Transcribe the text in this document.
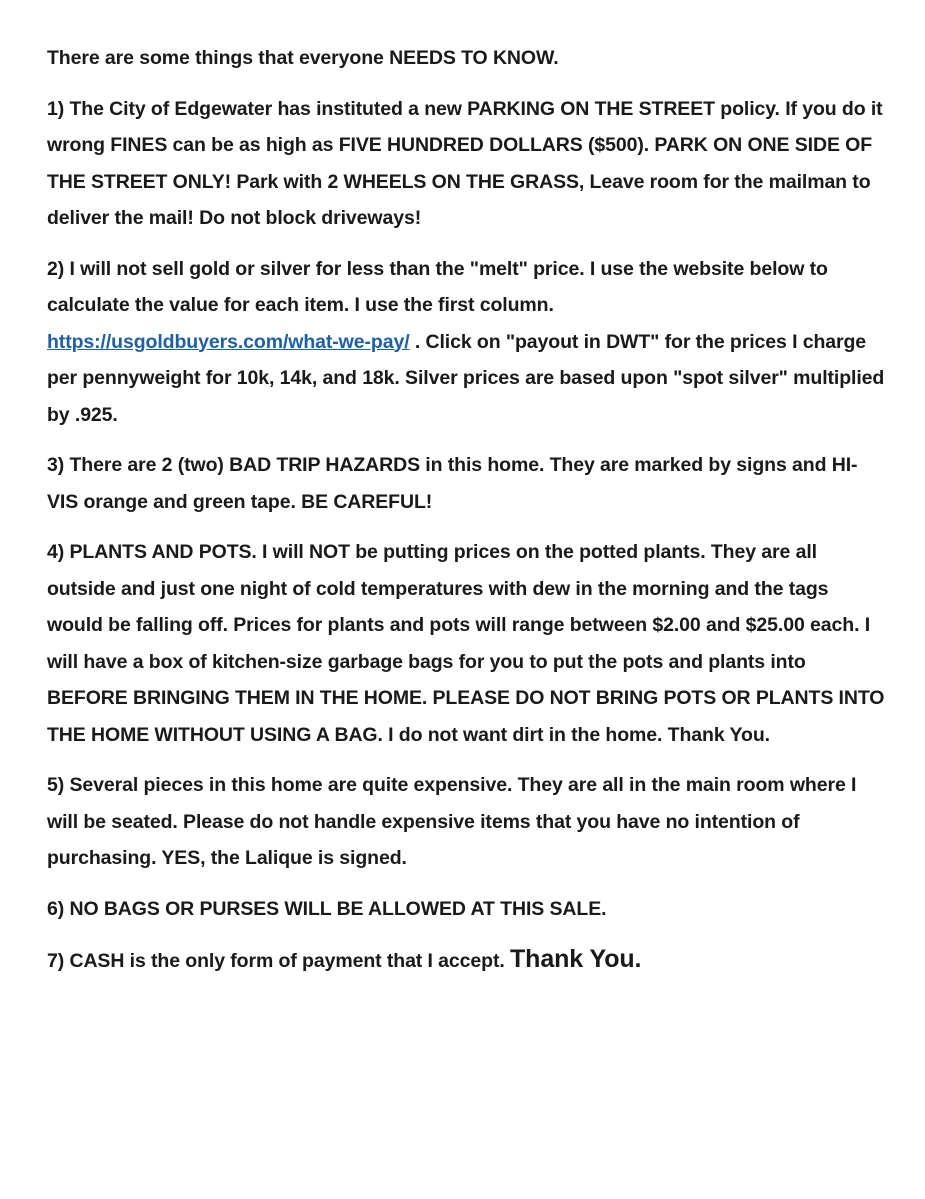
There are some things that everyone NEEDS TO KNOW.

1) The City of Edgewater has instituted a new PARKING ON THE STREET policy. If you do it wrong FINES can be as high as FIVE HUNDRED DOLLARS ($500). PARK ON ONE SIDE OF THE STREET ONLY! Park with 2 WHEELS ON THE GRASS, Leave room for the mailman to deliver the mail! Do not block driveways!

2) I will not sell gold or silver for less than the "melt" price. I use the website below to calculate the value for each item. I use the first column.
https://usgoldbuyers.com/what-we-pay/ . Click on "payout in DWT" for the prices I charge per pennyweight for 10k, 14k, and 18k. Silver prices are based upon "spot silver" multiplied by .925.

3) There are 2 (two) BAD TRIP HAZARDS in this home. They are marked by signs and HI-VIS orange and green tape. BE CAREFUL!

4) PLANTS AND POTS. I will NOT be putting prices on the potted plants. They are all outside and just one night of cold temperatures with dew in the morning and the tags would be falling off. Prices for plants and pots will range between $2.00 and $25.00 each. I will have a box of kitchen-size garbage bags for you to put the pots and plants into BEFORE BRINGING THEM IN THE HOME. PLEASE DO NOT BRING POTS OR PLANTS INTO THE HOME WITHOUT USING A BAG. I do not want dirt in the home. Thank You.

5) Several pieces in this home are quite expensive. They are all in the main room where I will be seated. Please do not handle expensive items that you have no intention of purchasing. YES, the Lalique is signed.

6) NO BAGS OR PURSES WILL BE ALLOWED AT THIS SALE.

7) CASH is the only form of payment that I accept. Thank You.
